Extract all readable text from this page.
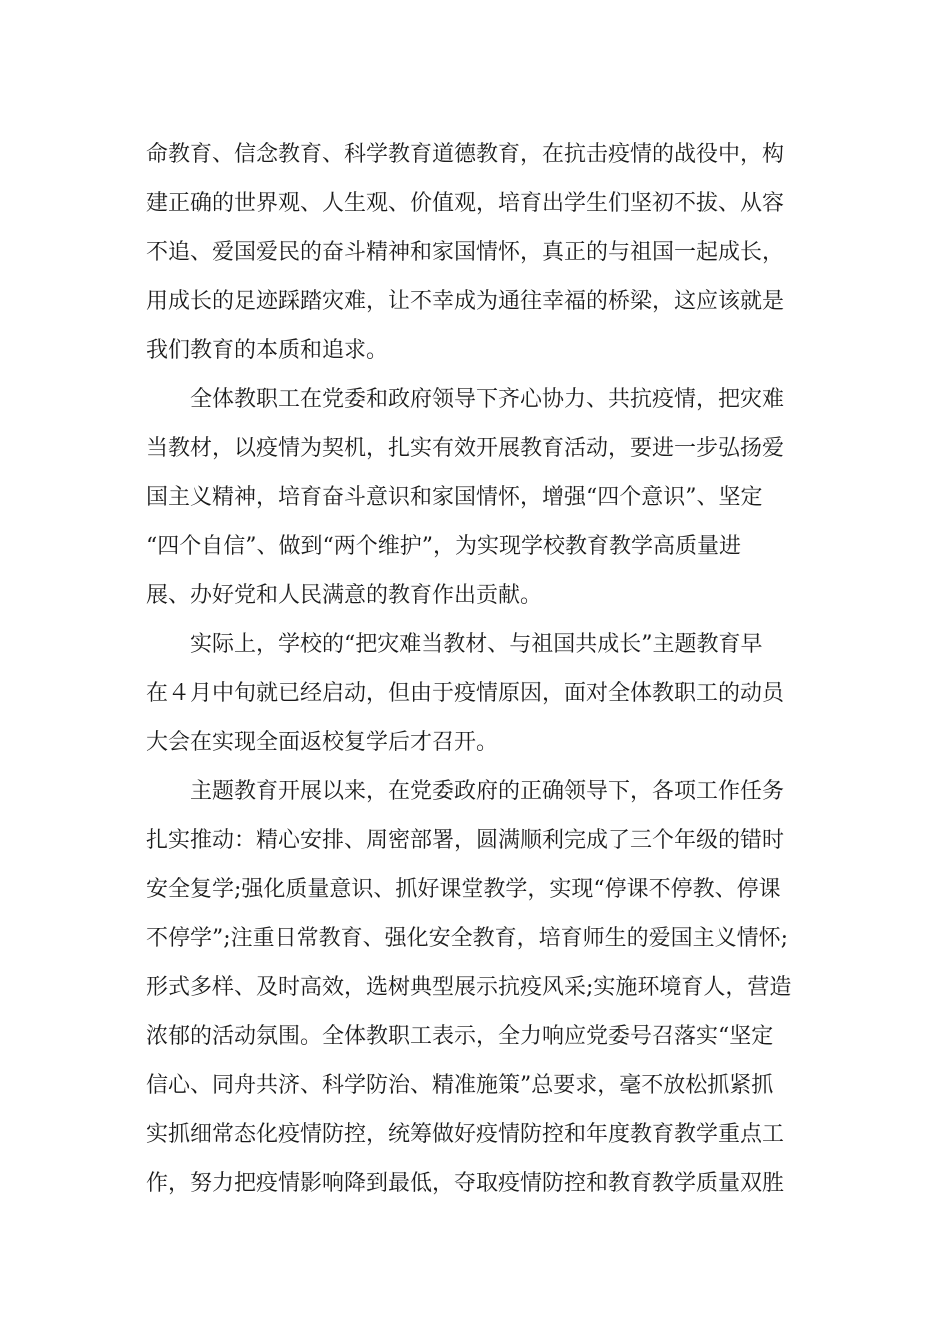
命教育、信念教育、科学教育道德教育，在抗击疫情的战役中，构
建正确的世界观、人生观、价值观，培育出学生们坚初不拔、从容
不追、爱国爱民的奋斗精神和家国情怀，真正的与祖国一起成长，
用成长的足迹踩踏灾难，让不幸成为通往幸福的桥梁，这应该就是
我们教育的本质和追求。
全体教职工在党委和政府领导下齐心协力、共抗疫情，把灾难
当教材，以疫情为契机，扎实有效开展教育活动，要进一步弘扬爱
国主义精神，培育奋斗意识和家国情怀，增强“四个意识”、坚定
“四个自信”、做到“两个维护”，为实现学校教育教学高质量进
展、办好党和人民满意的教育作出贡献。
实际上，学校的“把灾难当教材、与祖国共成长”主题教育早
在４月中旬就已经启动，但由于疫情原因，面对全体教职工的动员
大会在实现全面返校复学后才召开。
主题教育开展以来，在党委政府的正确领导下，各项工作任务
扎实推动：精心安排、周密部署，圆满顺利完成了三个年级的错时
安全复学;强化质量意识、抓好课堂教学，实现“停课不停教、停课
不停学”;注重日常教育、强化安全教育，培育师生的爱国主义情怀;
形式多样、及时高效，选树典型展示抗疫风采;实施环境育人，营造
浓郁的活动氛围。全体教职工表示，全力响应党委号召落实“坚定
信心、同舟共济、科学防治、精准施策”总要求，毫不放松抓紧抓
实抓细常态化疫情防控，统筹做好疫情防控和年度教育教学重点工
作，努力把疫情影响降到最低，夺取疫情防控和教育教学质量双胜
